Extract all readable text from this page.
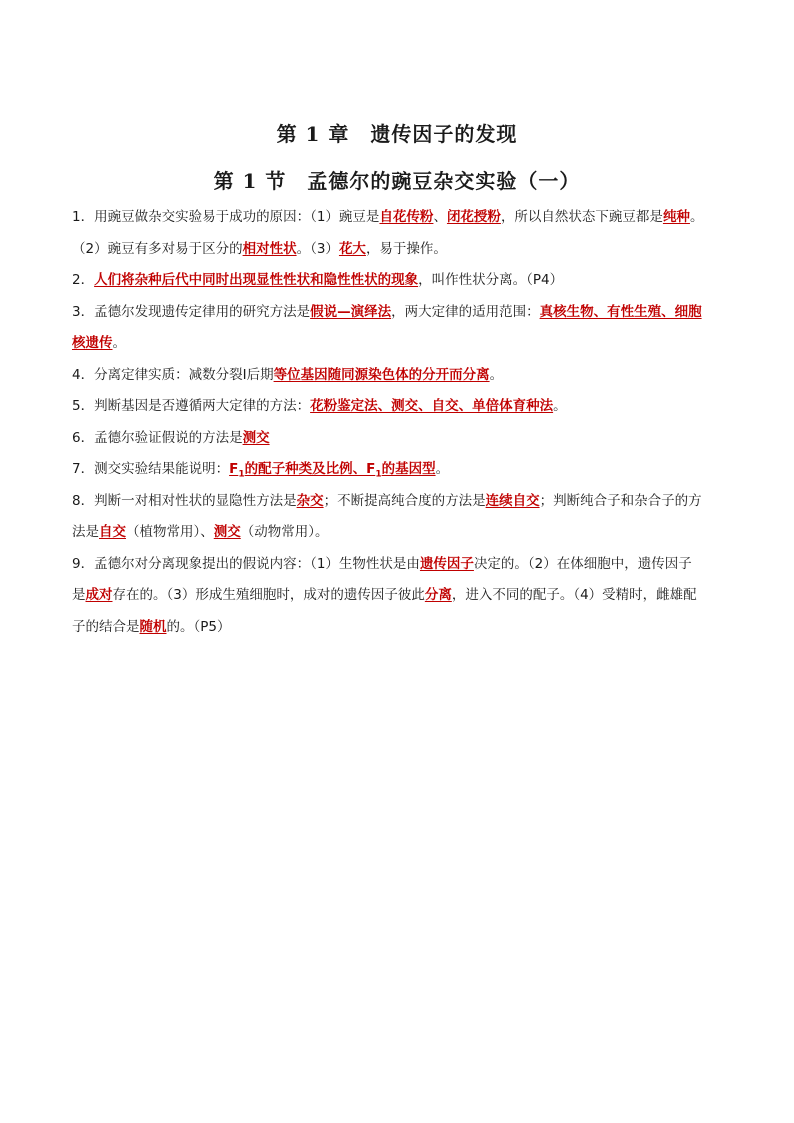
第 1 章　遗传因子的发现
第 1 节　孟德尔的豌豆杂交实验（一）

1．用豌豆做杂交实验易于成功的原因：（1）豌豆是自花传粉、闭花授粉，所以自然状态下豌豆都是纯种。

（2）豌豆有多对易于区分的相对性状。（3）花大，易于操作。

2．人们将杂种后代中同时出现显性性状和隐性性状的现象，叫作性状分离。（P4）

3．孟德尔发现遗传定律用的研究方法是假说—演绎法，两大定律的适用范围：真核生物、有性生殖、细胞

核遗传。

4．分离定律实质：减数分裂Ⅰ后期等位基因随同源染色体的分开而分离。

5．判断基因是否遵循两大定律的方法：花粉鉴定法、测交、自交、单倍体育种法。

6．孟德尔验证假说的方法是测交

7．测交实验结果能说明：$F_1$的配子种类及比例、$F_1$的基因型。

8．判断一对相对性状的显隐性方法是杂交；不断提高纯合度的方法是连续自交；判断纯合子和杂合子的方

法是自交（植物常用）、测交（动物常用）。

9．孟德尔对分离现象提出的假说内容：（1）生物性状是由遗传因子决定的。（2）在体细胞中，遗传因子

是成对存在的。（3）形成生殖细胞时，成对的遗传因子彼此分离，进入不同的配子。（4）受精时，雌雄配

子的结合是随机的。（P5）
